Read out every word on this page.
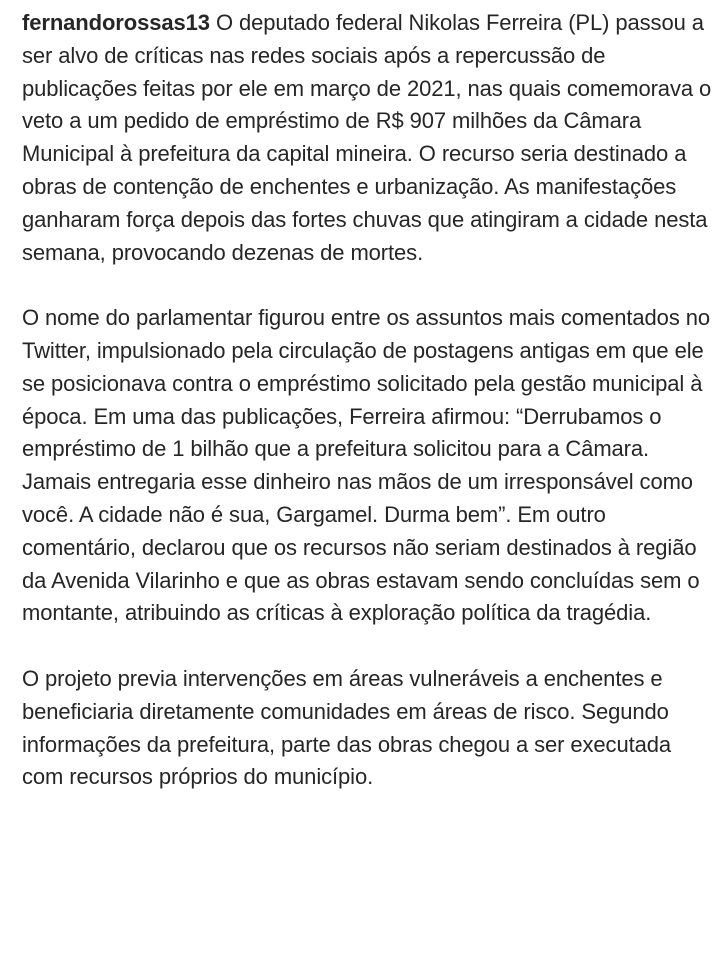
fernandorossas13 O deputado federal Nikolas Ferreira (PL) passou a ser alvo de críticas nas redes sociais após a repercussão de publicações feitas por ele em março de 2021, nas quais comemorava o veto a um pedido de empréstimo de R$ 907 milhões da Câmara Municipal à prefeitura da capital mineira. O recurso seria destinado a obras de contenção de enchentes e urbanização. As manifestações ganharam força depois das fortes chuvas que atingiram a cidade nesta semana, provocando dezenas de mortes.

O nome do parlamentar figurou entre os assuntos mais comentados no Twitter, impulsionado pela circulação de postagens antigas em que ele se posicionava contra o empréstimo solicitado pela gestão municipal à época. Em uma das publicações, Ferreira afirmou: “Derrubamos o empréstimo de 1 bilhão que a prefeitura solicitou para a Câmara. Jamais entregaria esse dinheiro nas mãos de um irresponsável como você. A cidade não é sua, Gargamel. Durma bem”. Em outro comentário, declarou que os recursos não seriam destinados à região da Avenida Vilarinho e que as obras estavam sendo concluídas sem o montante, atribuindo as críticas à exploração política da tragédia.

O projeto previa intervenções em áreas vulneráveis a enchentes e beneficiaria diretamente comunidades em áreas de risco. Segundo informações da prefeitura, parte das obras chegou a ser executada com recursos próprios do município.
